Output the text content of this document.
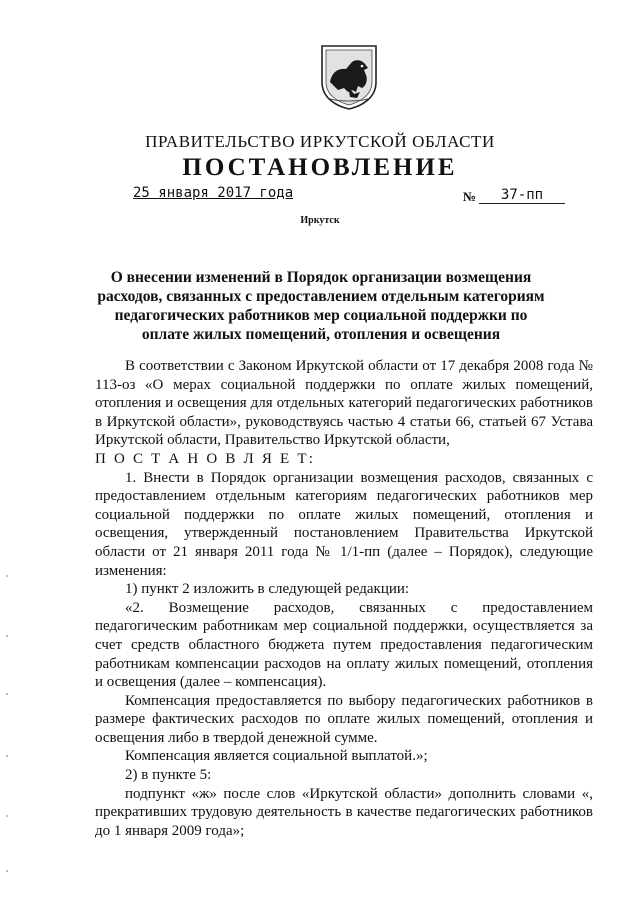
ПРАВИТЕЛЬСТВО ИРКУТСКОЙ ОБЛАСТИ
ПОСТАНОВЛЕНИЕ
25 января 2017 года	№	37-пп
Иркутск
О внесении изменений в Порядок организации возмещения расходов, связанных с предоставлением отдельным категориям педагогических работников мер социальной поддержки по оплате жилых помещений, отопления и освещения

В соответствии с Законом Иркутской области от 17 декабря 2008 года № 113-оз «О мерах социальной поддержки по оплате жилых помещений, отопления и освещения для отдельных категорий педагогических работников в Иркутской области», руководствуясь частью 4 статьи 66, статьей 67 Устава Иркутской области, Правительство Иркутской области,

П О С Т А Н О В Л Я Е Т:

1. Внести в Порядок организации возмещения расходов, связанных с предоставлением отдельным категориям педагогических работников мер социальной поддержки по оплате жилых помещений, отопления и освещения, утвержденный постановлением Правительства Иркутской области от 21 января 2011 года № 1/1-пп (далее – Порядок), следующие изменения:

1) пункт 2 изложить в следующей редакции:

«2. Возмещение расходов, связанных с предоставлением педагогическим работникам мер социальной поддержки, осуществляется за счет средств областного бюджета путем предоставления педагогическим работникам компенсации расходов на оплату жилых помещений, отопления и освещения (далее – компенсация).

Компенсация предоставляется по выбору педагогических работников в размере фактических расходов по оплате жилых помещений, отопления и освещения либо в твердой денежной сумме.

Компенсация является социальной выплатой.»;

2) в пункте 5:

подпункт «ж» после слов «Иркутской области» дополнить словами «, прекративших трудовую деятельность в качестве педагогических работников до 1 января 2009 года»;
